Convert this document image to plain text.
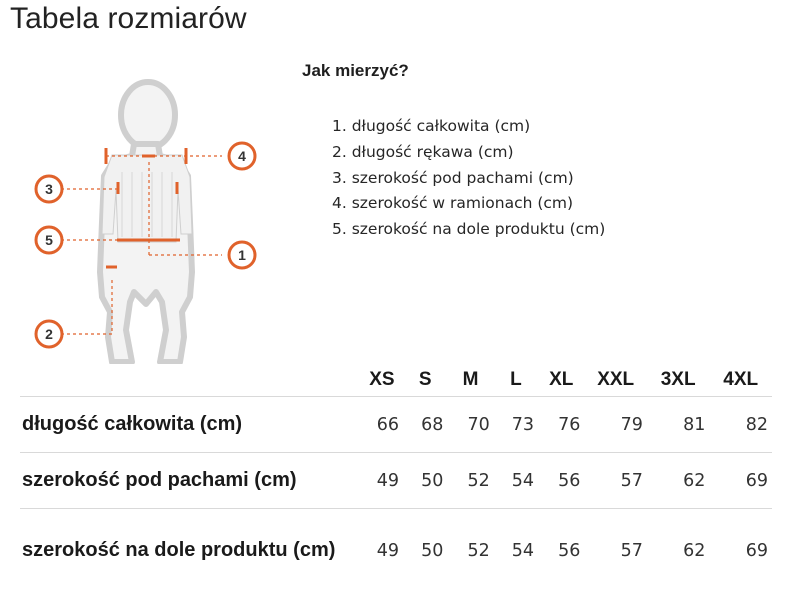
Tabela rozmiarów
4
3
5
1
2
Jak mierzyć?
1. długość całkowita (cm)
2. długość rękawa (cm)
3. szerokość pod pachami (cm)
4. szerokość w ramionach (cm)
5. szerokość na dole produktu (cm)
	XS	S	M	L	XL	XXL	3XL	4XL
długość całkowita (cm)	66	68	70	73	76	79	81	82
szerokość pod pachami (cm)	49	50	52	54	56	57	62	69
szerokość na dole produktu (cm)	49	50	52	54	56	57	62	69
